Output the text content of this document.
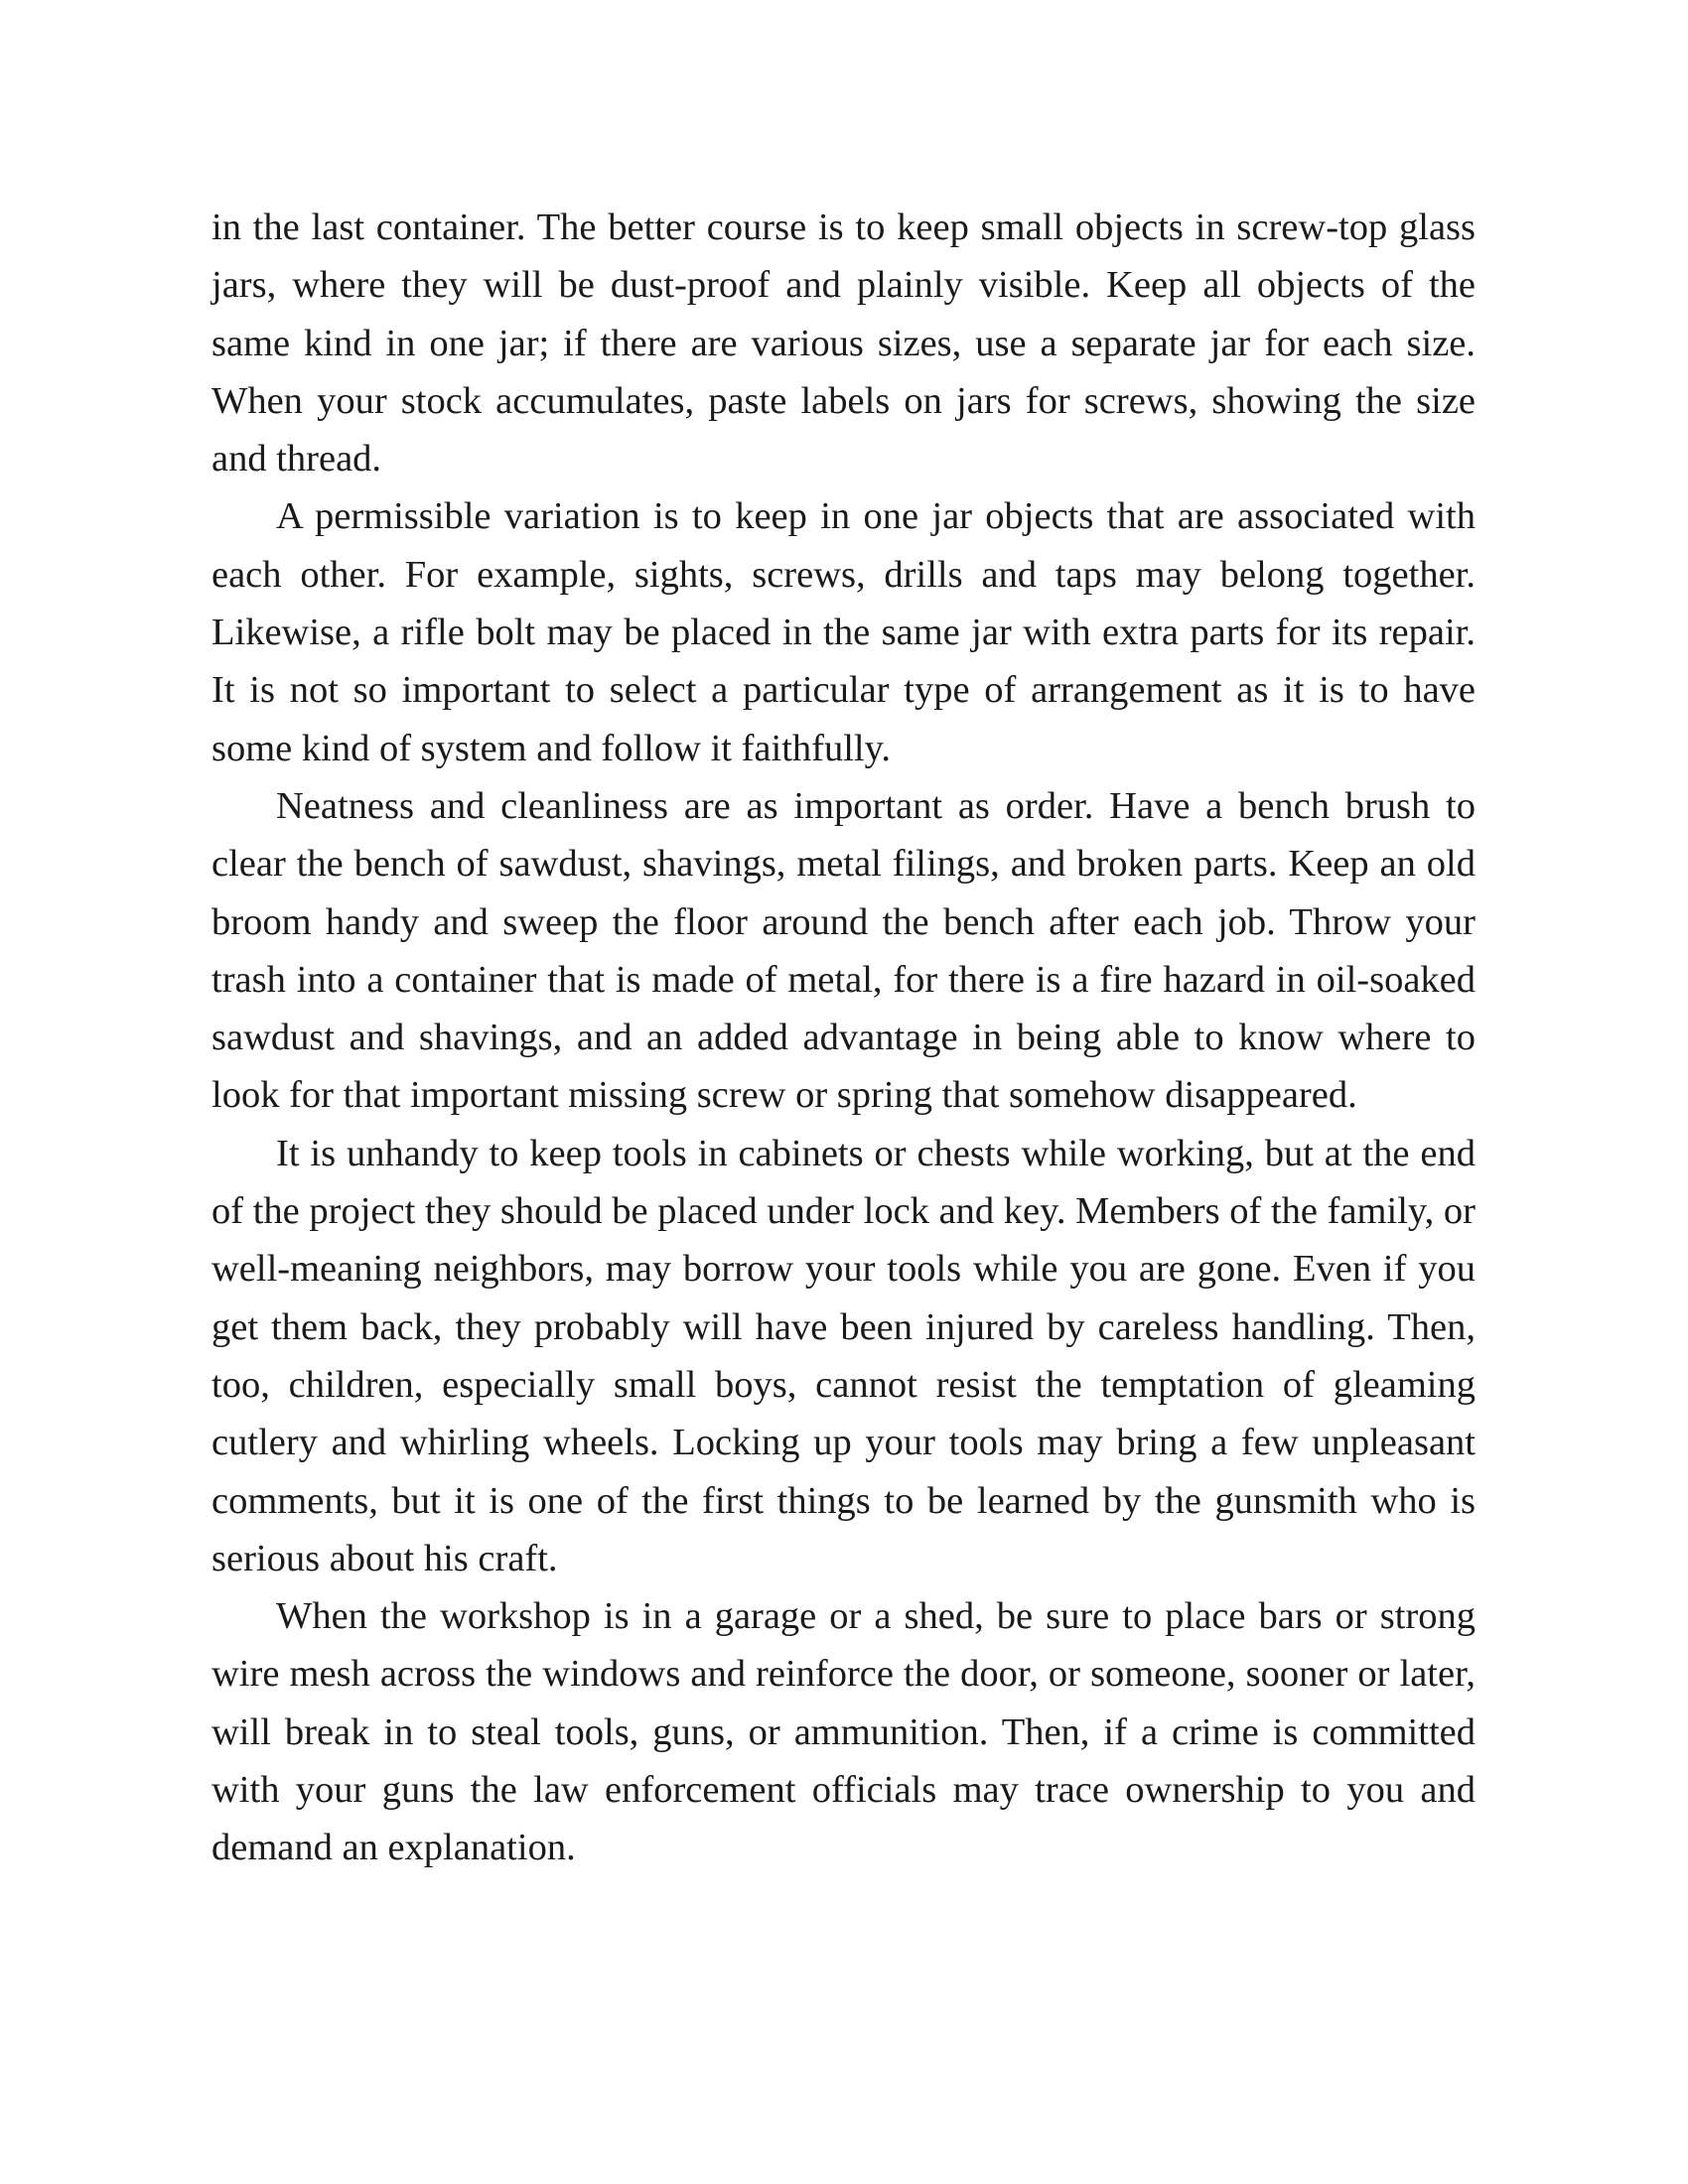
in the last container. The better course is to keep small objects in screw-top glass jars, where they will be dust-proof and plainly visible. Keep all objects of the same kind in one jar; if there are various sizes, use a separate jar for each size. When your stock accumulates, paste labels on jars for screws, showing the size and thread.

A permissible variation is to keep in one jar objects that are associated with each other. For example, sights, screws, drills and taps may belong together. Likewise, a rifle bolt may be placed in the same jar with extra parts for its repair. It is not so important to select a particular type of arrangement as it is to have some kind of system and follow it faithfully.

Neatness and cleanliness are as important as order. Have a bench brush to clear the bench of sawdust, shavings, metal filings, and broken parts. Keep an old broom handy and sweep the floor around the bench after each job. Throw your trash into a container that is made of metal, for there is a fire hazard in oil-soaked sawdust and shavings, and an added advantage in being able to know where to look for that important missing screw or spring that somehow disappeared.

It is unhandy to keep tools in cabinets or chests while working, but at the end of the project they should be placed under lock and key. Members of the family, or well-meaning neighbors, may borrow your tools while you are gone. Even if you get them back, they probably will have been injured by careless handling. Then, too, children, especially small boys, cannot resist the temptation of gleaming cutlery and whirling wheels. Locking up your tools may bring a few unpleasant comments, but it is one of the first things to be learned by the gunsmith who is serious about his craft.

When the workshop is in a garage or a shed, be sure to place bars or strong wire mesh across the windows and reinforce the door, or someone, sooner or later, will break in to steal tools, guns, or ammunition. Then, if a crime is committed with your guns the law enforcement officials may trace ownership to you and demand an explanation.
